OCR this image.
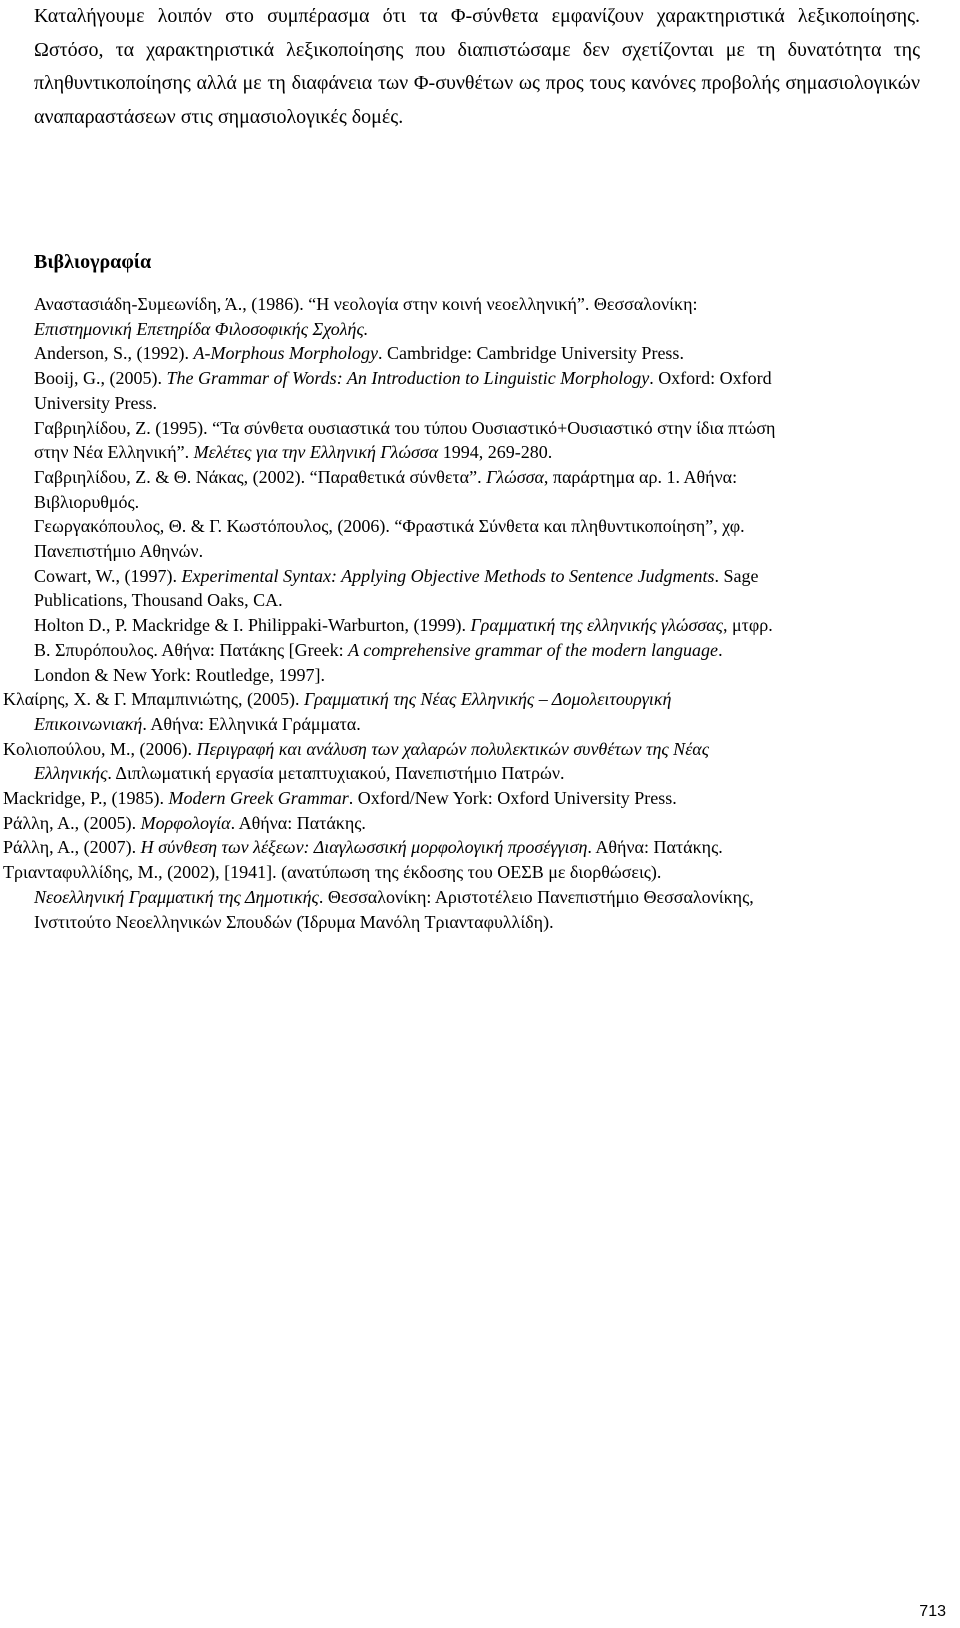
Καταλήγουμε λοιπόν στο συμπέρασμα ότι τα Φ-σύνθετα εμφανίζουν χαρακτηριστικά λεξικοποίησης. Ωστόσο, τα χαρακτηριστικά λεξικοποίησης που διαπιστώσαμε δεν σχετίζονται με τη δυνατότητα της πληθυντικοποίησης αλλά με τη διαφάνεια των Φ-συνθέτων ως προς τους κανόνες προβολής σημασιολογικών αναπαραστάσεων στις σημασιολογικές δομές.

Βιβλιογραφία
Αναστασιάδη-Συμεωνίδη, Ά., (1986). “Η νεολογία στην κοινή νεοελληνική”. Θεσσαλονίκη:
Επιστημονική Επετηρίδα Φιλοσοφικής Σχολής.
Anderson, S., (1992). A-Morphous Morphology. Cambridge: Cambridge University Press.
Booij, G., (2005). The Grammar of Words: An Introduction to Linguistic Morphology. Oxford: Oxford
University Press.
Γαβριηλίδου, Ζ. (1995). “Τα σύνθετα ουσιαστικά του τύπου Ουσιαστικό+Ουσιαστικό στην ίδια πτώση
στην Νέα Ελληνική”. Μελέτες για την Ελληνική Γλώσσα 1994, 269-280.
Γαβριηλίδου, Ζ. & Θ. Νάκας, (2002). “Παραθετικά σύνθετα”. Γλώσσα, παράρτημα αρ. 1. Αθήνα:
Βιβλιορυθμός.
Γεωργακόπουλος, Θ. & Γ. Κωστόπουλος, (2006). “Φραστικά Σύνθετα και πληθυντικοποίηση”, χφ.
Πανεπιστήμιο Αθηνών.
Cowart, W., (1997). Experimental Syntax: Applying Objective Methods to Sentence Judgments. Sage
Publications, Thousand Oaks, CA.
Holton D., P. Mackridge & I. Philippaki-Warburton, (1999). Γραμματική της ελληνικής γλώσσας, μτφρ.
Β. Σπυρόπουλος. Αθήνα: Πατάκης [Greek: A comprehensive grammar of the modern language.
London & New York: Routledge, 1997].
Κλαίρης, Χ. & Γ. Μπαμπινιώτης, (2005). Γραμματική της Νέας Ελληνικής – Δομολειτουργική
Επικοινωνιακή. Αθήνα: Ελληνικά Γράμματα.
Κολιοπούλου, Μ., (2006). Περιγραφή και ανάλυση των χαλαρών πολυλεκτικών συνθέτων της Νέας
Ελληνικής. Διπλωματική εργασία μεταπτυχιακού, Πανεπιστήμιο Πατρών.
Mackridge, P., (1985). Modern Greek Grammar. Oxford/New York: Oxford University Press.
Ράλλη, Α., (2005). Μορφολογία. Αθήνα: Πατάκης.
Ράλλη, Α., (2007). Η σύνθεση των λέξεων: Διαγλωσσική μορφολογική προσέγγιση. Αθήνα: Πατάκης.
Τριανταφυλλίδης, Μ., (2002), [1941]. (ανατύπωση της έκδοσης του ΟΕΣΒ με διορθώσεις).
Νεοελληνική Γραμματική της Δημοτικής. Θεσσαλονίκη: Αριστοτέλειο Πανεπιστήμιο Θεσσαλονίκης,
Ινστιτούτο Νεοελληνικών Σπουδών (Ίδρυμα Μανόλη Τριανταφυλλίδη).
713
